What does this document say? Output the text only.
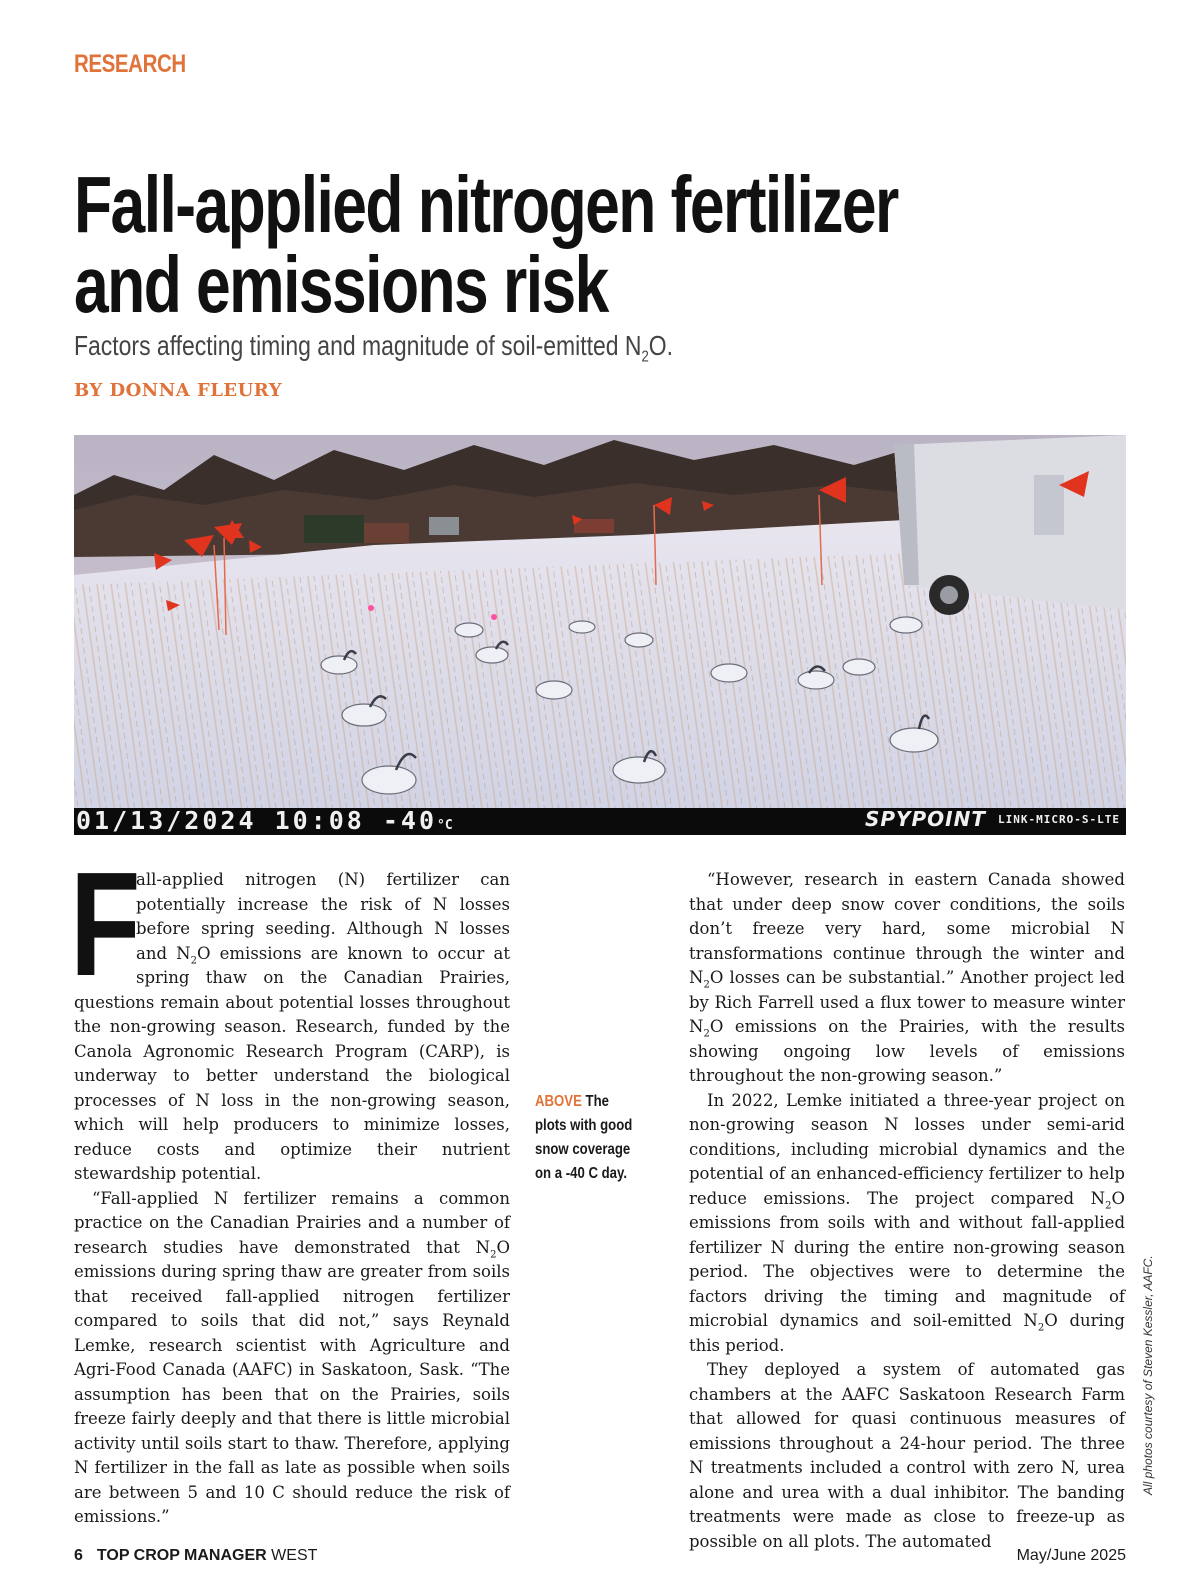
RESEARCH
Fall-applied nitrogen fertilizer
and emissions risk
Factors affecting timing and magnitude of soil-emitted $N_2O$.
BY DONNA FLEURY
01/13/2024 10:08 -40°C	SPYPOINT LINK-MICRO-S-LTE

F
all-applied nitrogen (N) fertilizer can potentially increase the risk of N losses before spring seeding. Although N losses and $N_2O$ emissions are known to occur at spring thaw on the Canadian Prairies, questions remain about potential losses throughout the non-growing season. Research, funded by the Canola Agronomic Research Program (CARP), is underway to better understand the biological processes of N loss in the non-growing season, which will help producers to minimize losses, reduce costs and optimize their nutrient stewardship potential.

“Fall-applied N fertilizer remains a common practice on the Canadian Prairies and a number of research studies have demonstrated that $N_2O$ emissions during spring thaw are greater from soils that received fall-applied nitrogen fertilizer compared to soils that did not,” says Reynald Lemke, research scientist with Agriculture and Agri-Food Canada (AAFC) in Saskatoon, Sask. “The assumption has been that on the Prairies, soils freeze fairly deeply and that there is little microbial activity until soils start to thaw. Therefore, applying N fertilizer in the fall as late as possible when soils are between 5 and 10 C should reduce the risk of emissions.”

ABOVE The plots with good snow coverage on a -40 C day.

“However, research in eastern Canada showed that under deep snow cover conditions, the soils don’t freeze very hard, some microbial N transformations continue through the winter and $N_2O$ losses can be substantial.” Another project led by Rich Farrell used a flux tower to measure winter $N_2O$ emissions on the Prairies, with the results showing ongoing low levels of emissions throughout the non-growing season.”

In 2022, Lemke initiated a three-year project on non-growing season N losses under semi-arid conditions, including microbial dynamics and the potential of an enhanced-efficiency fertilizer to help reduce emissions. The project compared $N_2O$ emissions from soils with and without fall-applied fertilizer N during the entire non-growing season period. The objectives were to determine the factors driving the timing and magnitude of microbial dynamics and soil-emitted $N_2O$ during this period.

They deployed a system of automated gas chambers at the AAFC Saskatoon Research Farm that allowed for quasi continuous measures of emissions throughout a 24-hour period. The three N treatments included a control with zero N, urea alone and urea with a dual inhibitor. The banding treatments were made as close to freeze-up as possible on all plots. The automated

All photos courtesy of Steven Kessler, AAFC.
6 TOP CROP MANAGER WEST	May/June 2025
